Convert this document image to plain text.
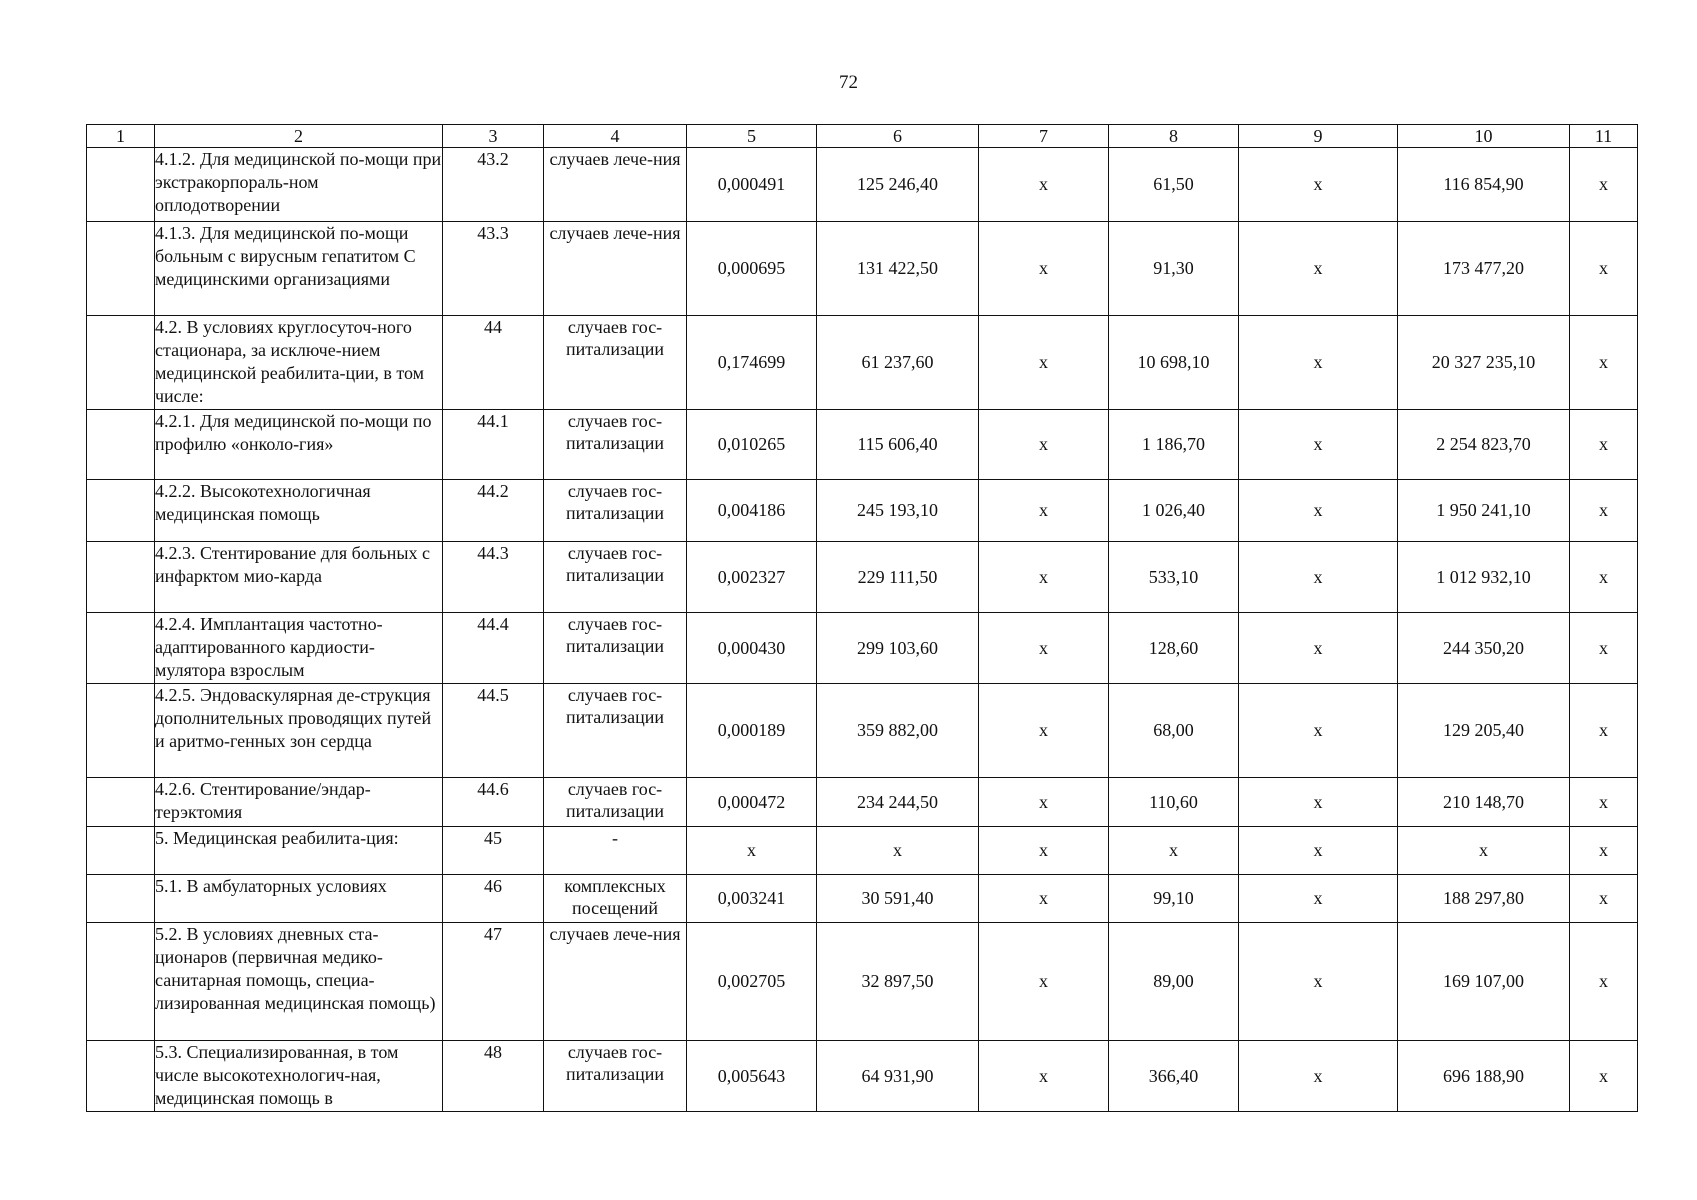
72
1	2	3	4	5	6	7	8	9	10	11
	4.1.2. Для медицинской по-мощи при экстракорпораль-ном оплодотворении	43.2	случаев лече-ния	0,000491	125 246,40	х	61,50	х	116 854,90	х
	4.1.3. Для медицинской по-мощи больным с вирусным гепатитом С медицинскими организациями	43.3	случаев лече-ния	0,000695	131 422,50	х	91,30	х	173 477,20	х
	4.2. В условиях круглосуточ-ного стационара, за исключе-нием медицинской реабилита-ции, в том числе:	44	случаев гос-питализации	0,174699	61 237,60	х	10 698,10	х	20 327 235,10	х
	4.2.1. Для медицинской по-мощи по профилю «онколо-гия»	44.1	случаев гос-питализации	0,010265	115 606,40	х	1 186,70	х	2 254 823,70	х
	4.2.2. Высокотехнологичная медицинская помощь	44.2	случаев гос-питализации	0,004186	245 193,10	х	1 026,40	х	1 950 241,10	х
	4.2.3. Стентирование для больных с инфарктом мио-карда	44.3	случаев гос-питализации	0,002327	229 111,50	х	533,10	х	1 012 932,10	х
	4.2.4. Имплантация частотно-адаптированного кардиости-мулятора взрослым	44.4	случаев гос-питализации	0,000430	299 103,60	х	128,60	х	244 350,20	х
	4.2.5. Эндоваскулярная де-струкция дополнительных проводящих путей и аритмо-генных зон сердца	44.5	случаев гос-питализации	0,000189	359 882,00	х	68,00	х	129 205,40	х
	4.2.6. Стентирование/эндар-терэктомия	44.6	случаев гос-питализации	0,000472	234 244,50	х	110,60	х	210 148,70	х
	5. Медицинская реабилита-ция:	45	-	х	х	х	х	х	х	х
	5.1. В амбулаторных условиях	46	комплексных посещений	0,003241	30 591,40	х	99,10	х	188 297,80	х
	5.2. В условиях дневных ста-ционаров (первичная медико-санитарная помощь, специа-лизированная медицинская помощь)	47	случаев лече-ния	0,002705	32 897,50	х	89,00	х	169 107,00	х
	5.3. Специализированная, в том числе высокотехнологич-ная, медицинская помощь в	48	случаев гос-питализации	0,005643	64 931,90	х	366,40	х	696 188,90	х
